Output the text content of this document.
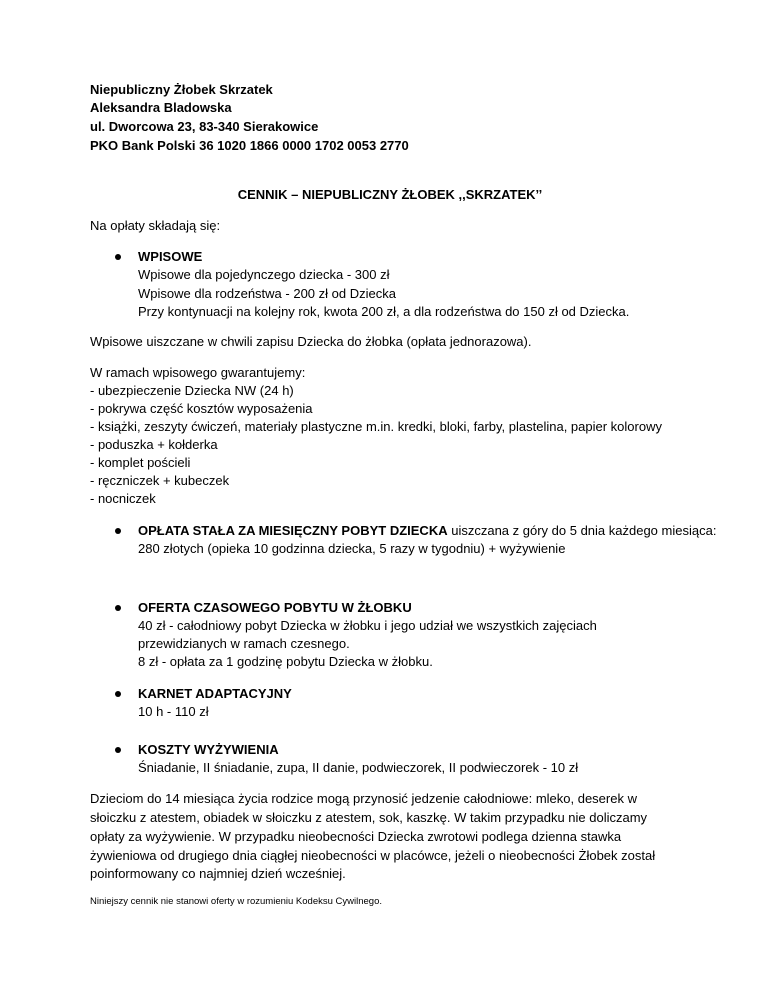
Niepubliczny Żłobek Skrzatek
Aleksandra Bladowska
ul. Dworcowa 23, 83-340 Sierakowice
PKO Bank Polski 36 1020 1866 0000 1702 0053 2770
CENNIK – NIEPUBLICZNY ŻŁOBEK ,,SKRZATEK’’
Na opłaty składają się:
WPISOWE
Wpisowe dla pojedynczego dziecka - 300 zł
Wpisowe dla rodzeństwa - 200 zł od Dziecka
Przy kontynuacji na kolejny rok, kwota 200 zł, a dla rodzeństwa do 150 zł od Dziecka.
Wpisowe uiszczane w chwili zapisu Dziecka do żłobka (opłata jednorazowa).
W ramach wpisowego gwarantujemy:
- ubezpieczenie Dziecka NW (24 h)
- pokrywa część kosztów wyposażenia
- książki, zeszyty ćwiczeń, materiały plastyczne m.in. kredki, bloki, farby, plastelina, papier kolorowy
- poduszka + kołderka
- komplet pościeli
- ręczniczek + kubeczek
- nocniczek
OPŁATA STAŁA ZA MIESIĘCZNY POBYT DZIECKA uiszczana z góry do 5 dnia każdego miesiąca:
280 złotych (opieka 10 godzinna dziecka, 5 razy w tygodniu) + wyżywienie
OFERTA CZASOWEGO POBYTU W ŻŁOBKU
40 zł - całodniowy pobyt Dziecka w żłobku i jego udział we wszystkich zajęciach
przewidzianych w ramach czesnego.
8 zł - opłata za 1 godzinę pobytu Dziecka w żłobku.
KARNET ADAPTACYJNY
10 h - 110 zł
KOSZTY WYŻYWIENIA
Śniadanie, II śniadanie, zupa, II danie, podwieczorek, II podwieczorek - 10 zł
Dzieciom do 14 miesiąca życia rodzice mogą przynosić jedzenie całodniowe: mleko, deserek w
słoiczku z atestem, obiadek w słoiczku z atestem, sok, kaszkę. W takim przypadku nie doliczamy
opłaty za wyżywienie. W przypadku nieobecności Dziecka zwrotowi podlega dzienna stawka
żywieniowa od drugiego dnia ciągłej nieobecności w placówce, jeżeli o nieobecności Żłobek został
poinformowany co najmniej dzień wcześniej.
Niniejszy cennik nie stanowi oferty w rozumieniu Kodeksu Cywilnego.
